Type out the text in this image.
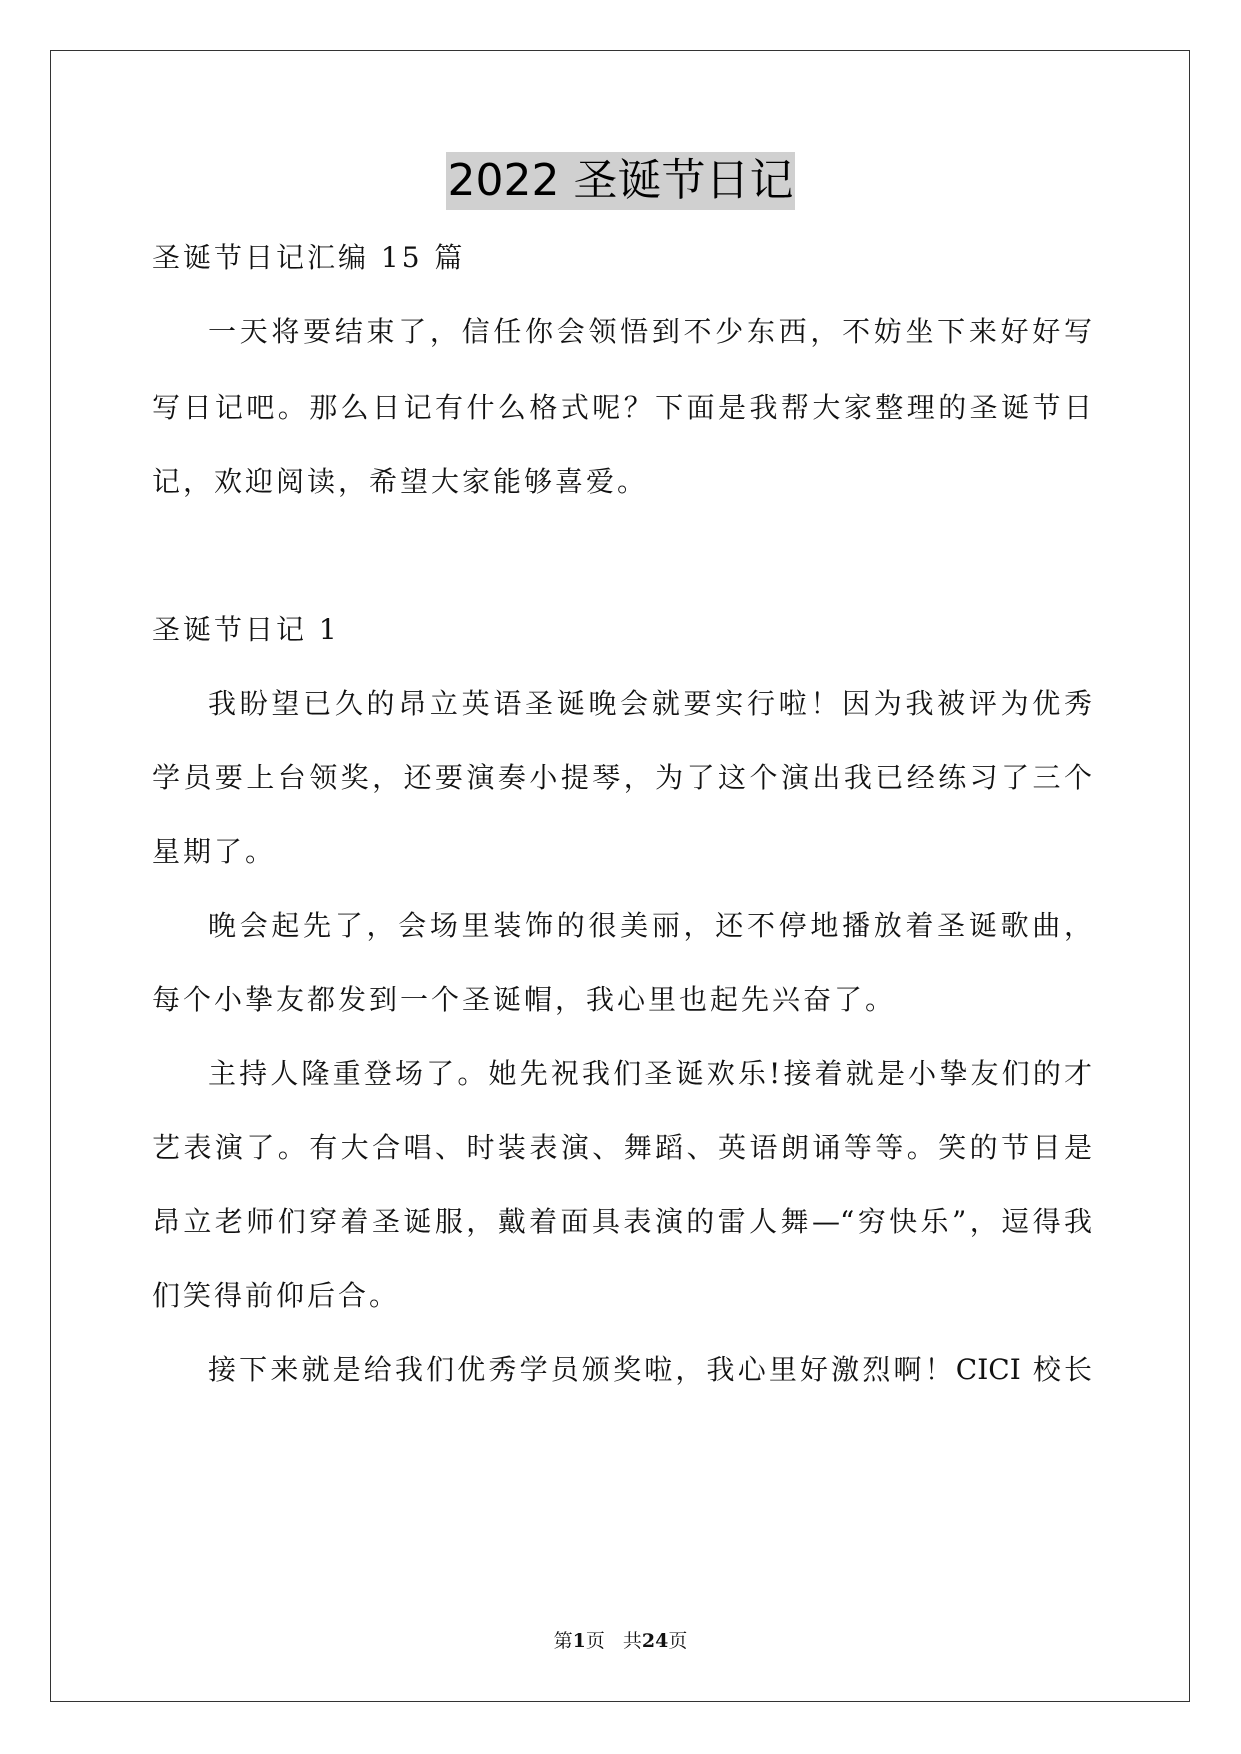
2022 圣诞节日记
圣诞节日记汇编 15 篇
一天将要结束了，信任你会领悟到不少东西，不妨坐下来好好写
写日记吧。那么日记有什么格式呢？下面是我帮大家整理的圣诞节日
记，欢迎阅读，希望大家能够喜爱。
圣诞节日记 1
我盼望已久的昂立英语圣诞晚会就要实行啦！因为我被评为优秀
学员要上台领奖，还要演奏小提琴，为了这个演出我已经练习了三个
星期了。
晚会起先了，会场里装饰的很美丽，还不停地播放着圣诞歌曲，
每个小挚友都发到一个圣诞帽，我心里也起先兴奋了。
主持人隆重登场了。她先祝我们圣诞欢乐!接着就是小挚友们的才
艺表演了。有大合唱、时装表演、舞蹈、英语朗诵等等。笑的节目是
昂立老师们穿着圣诞服，戴着面具表演的雷人舞—“穷快乐”，逗得我
们笑得前仰后合。
接下来就是给我们优秀学员颁奖啦，我心里好激烈啊！CICI 校长
第1页 共24页
